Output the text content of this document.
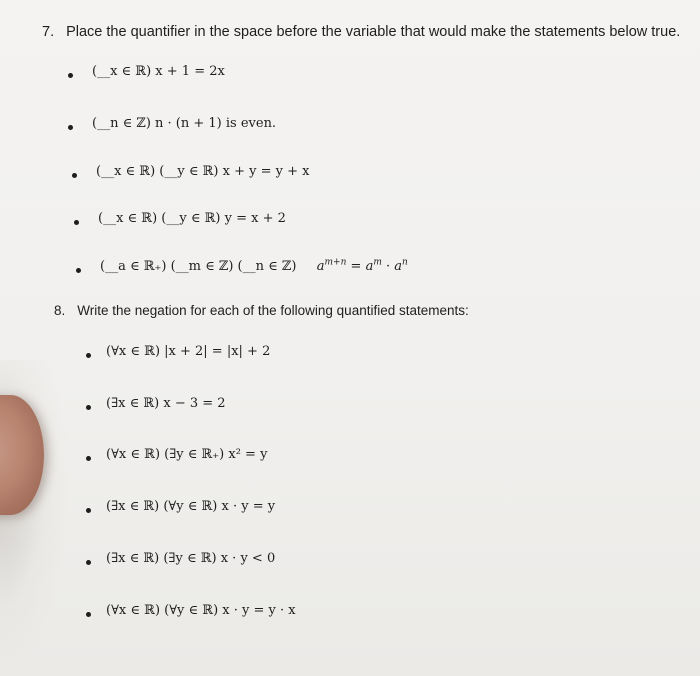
7. Place the quantifier in the space before the variable that would make the statements below true.
(__x ∈ ℝ) x + 1 = 2x
(__n ∈ ℤ) n · (n + 1) is even.
(__x ∈ ℝ) (__y ∈ ℝ) x + y = y + x
(__x ∈ ℝ) (__y ∈ ℝ) y = x + 2
(__a ∈ ℝ₊) (__m ∈ ℤ) (__n ∈ ℤ) $a^{m+n} = a^m \cdot a^n$
8. Write the negation for each of the following quantified statements:
(∀x ∈ ℝ) |x + 2| = |x| + 2
(∃x ∈ ℝ) x − 3 = 2
(∀x ∈ ℝ) (∃y ∈ ℝ₊) x² = y
(∃x ∈ ℝ) (∀y ∈ ℝ) x · y = y
(∃x ∈ ℝ) (∃y ∈ ℝ) x · y < 0
(∀x ∈ ℝ) (∀y ∈ ℝ) x · y = y · x
